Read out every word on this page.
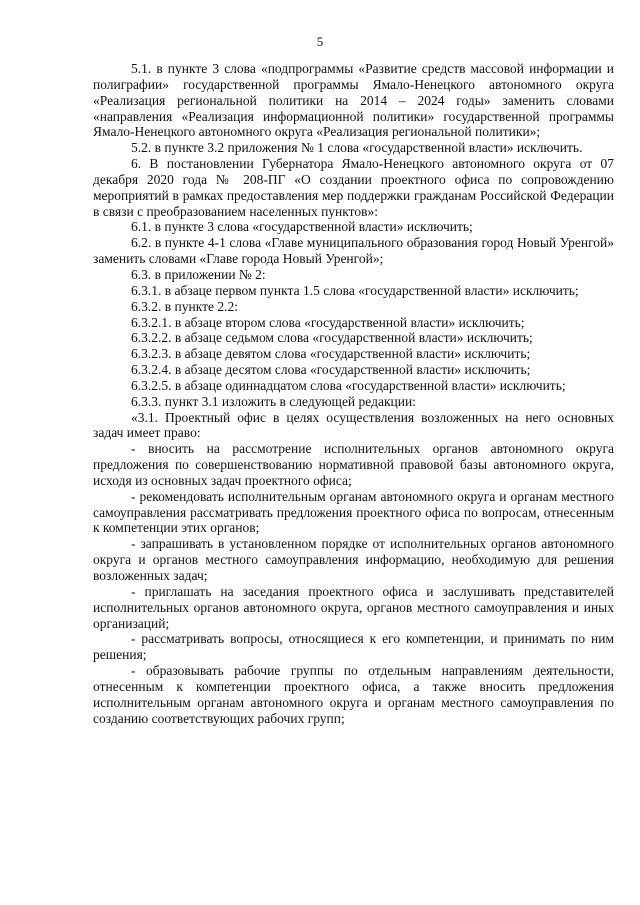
5

5.1. в пункте 3 слова «подпрограммы «Развитие средств массовой информации и полиграфии» государственной программы Ямало-Ненецкого автономного округа «Реализация региональной политики на 2014 – 2024 годы» заменить словами «направления «Реализация информационной политики» государственной программы Ямало-Ненецкого автономного округа «Реализация региональной политики»;

5.2. в пункте 3.2 приложения № 1 слова «государственной власти» исключить.

6. В постановлении Губернатора Ямало-Ненецкого автономного округа от 07 декабря 2020 года № 208-ПГ «О создании проектного офиса по сопровождению мероприятий в рамках предоставления мер поддержки гражданам Российской Федерации в связи с преобразованием населенных пунктов»:

6.1. в пункте 3 слова «государственной власти» исключить;

6.2. в пункте 4-1 слова «Главе муниципального образования город Новый Уренгой» заменить словами «Главе города Новый Уренгой»;

6.3. в приложении № 2:

6.3.1. в абзаце первом пункта 1.5 слова «государственной власти» исключить;

6.3.2. в пункте 2.2:

6.3.2.1. в абзаце втором слова «государственной власти» исключить;

6.3.2.2. в абзаце седьмом слова «государственной власти» исключить;

6.3.2.3. в абзаце девятом слова «государственной власти» исключить;

6.3.2.4. в абзаце десятом слова «государственной власти» исключить;

6.3.2.5. в абзаце одиннадцатом слова «государственной власти» исключить;

6.3.3. пункт 3.1 изложить в следующей редакции:

«3.1. Проектный офис в целях осуществления возложенных на него основных задач имеет право:

- вносить на рассмотрение исполнительных органов автономного округа предложения по совершенствованию нормативной правовой базы автономного округа, исходя из основных задач проектного офиса;

- рекомендовать исполнительным органам автономного округа и органам местного самоуправления рассматривать предложения проектного офиса по вопросам, отнесенным к компетенции этих органов;

- запрашивать в установленном порядке от исполнительных органов автономного округа и органов местного самоуправления информацию, необходимую для решения возложенных задач;

- приглашать на заседания проектного офиса и заслушивать представителей исполнительных органов автономного округа, органов местного самоуправления и иных организаций;

- рассматривать вопросы, относящиеся к его компетенции, и принимать по ним решения;

- образовывать рабочие группы по отдельным направлениям деятельности, отнесенным к компетенции проектного офиса, а также вносить предложения исполнительным органам автономного округа и органам местного самоуправления по созданию соответствующих рабочих групп;
